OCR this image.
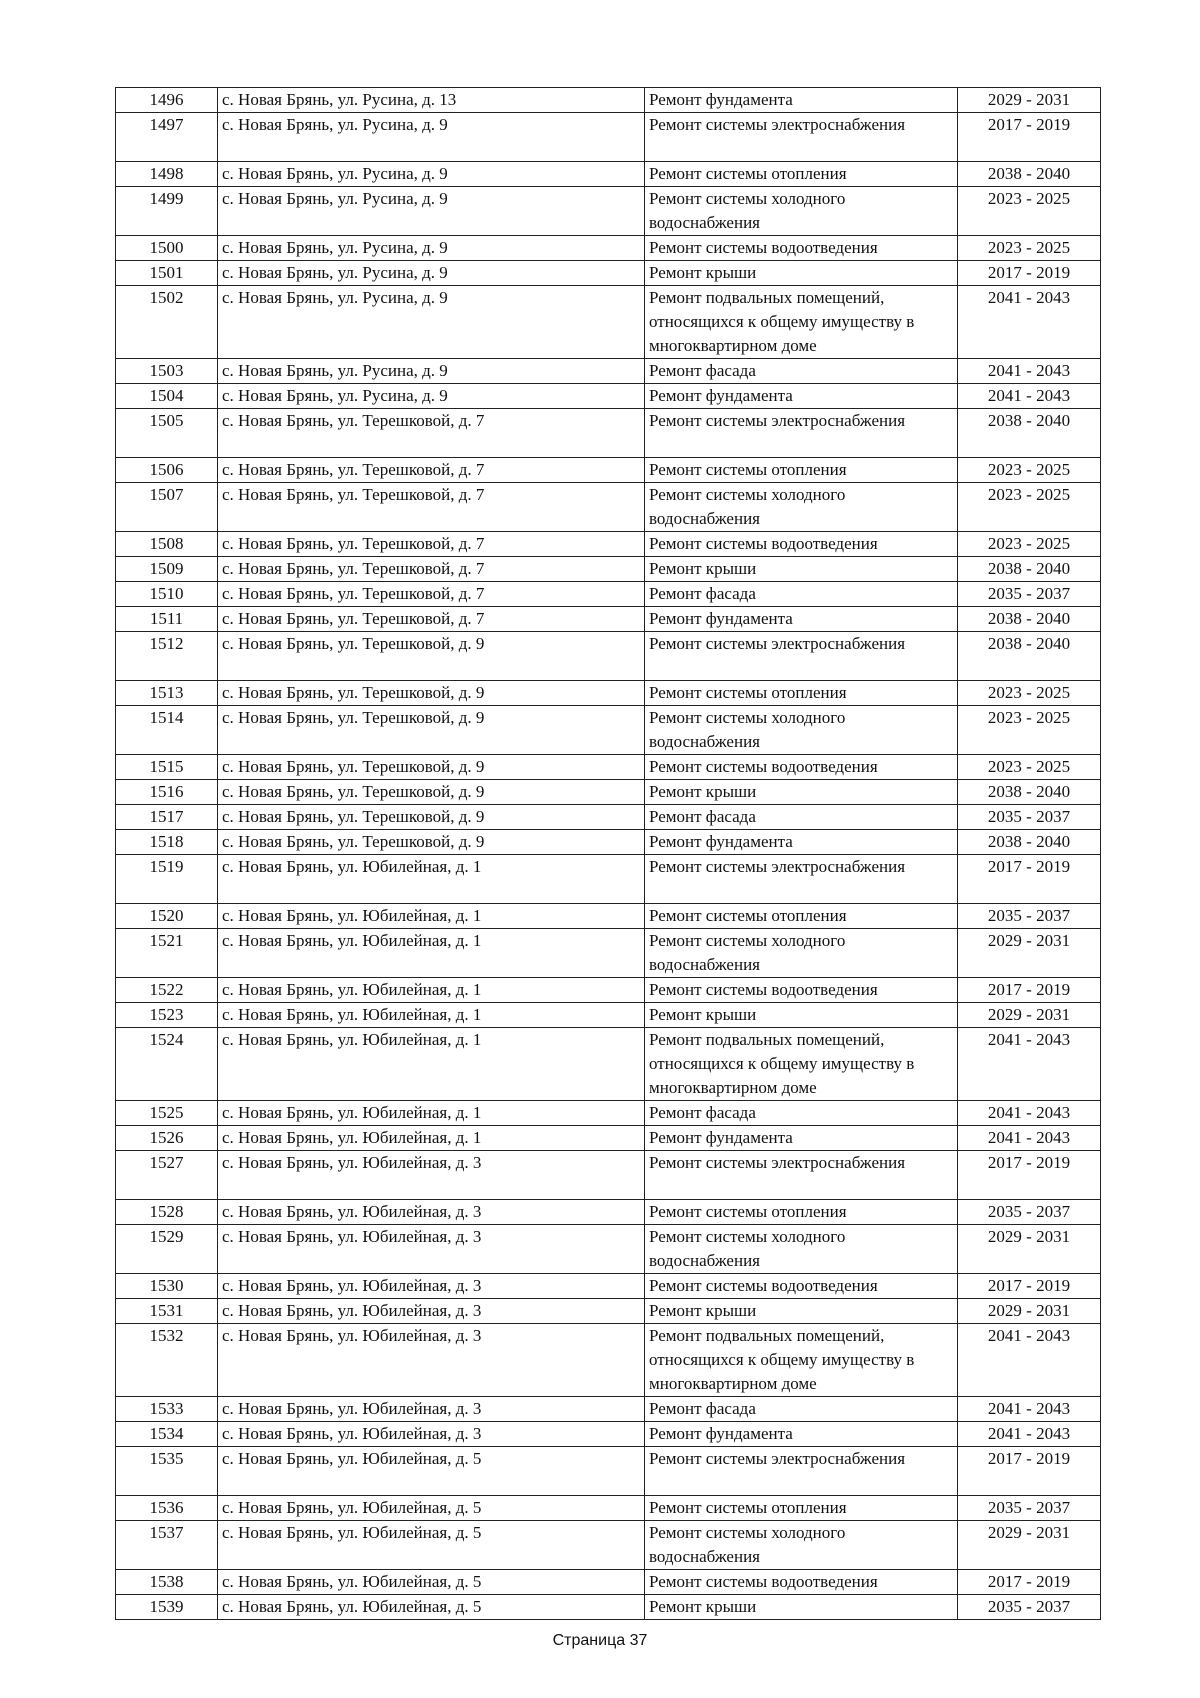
1496	с. Новая Брянь, ул. Русина, д. 13	Ремонт фундамента	2029 - 2031
1497	с. Новая Брянь, ул. Русина, д. 9	Ремонт системы электроснабжения	2017 - 2019
1498	с. Новая Брянь, ул. Русина, д. 9	Ремонт системы отопления	2038 - 2040
1499	с. Новая Брянь, ул. Русина, д. 9	Ремонт системы холодного водоснабжения	2023 - 2025
1500	с. Новая Брянь, ул. Русина, д. 9	Ремонт системы водоотведения	2023 - 2025
1501	с. Новая Брянь, ул. Русина, д. 9	Ремонт крыши	2017 - 2019
1502	с. Новая Брянь, ул. Русина, д. 9	Ремонт подвальных помещений, относящихся к общему имуществу в многоквартирном доме	2041 - 2043
1503	с. Новая Брянь, ул. Русина, д. 9	Ремонт фасада	2041 - 2043
1504	с. Новая Брянь, ул. Русина, д. 9	Ремонт фундамента	2041 - 2043
1505	с. Новая Брянь, ул. Терешковой, д. 7	Ремонт системы электроснабжения	2038 - 2040
1506	с. Новая Брянь, ул. Терешковой, д. 7	Ремонт системы отопления	2023 - 2025
1507	с. Новая Брянь, ул. Терешковой, д. 7	Ремонт системы холодного водоснабжения	2023 - 2025
1508	с. Новая Брянь, ул. Терешковой, д. 7	Ремонт системы водоотведения	2023 - 2025
1509	с. Новая Брянь, ул. Терешковой, д. 7	Ремонт крыши	2038 - 2040
1510	с. Новая Брянь, ул. Терешковой, д. 7	Ремонт фасада	2035 - 2037
1511	с. Новая Брянь, ул. Терешковой, д. 7	Ремонт фундамента	2038 - 2040
1512	с. Новая Брянь, ул. Терешковой, д. 9	Ремонт системы электроснабжения	2038 - 2040
1513	с. Новая Брянь, ул. Терешковой, д. 9	Ремонт системы отопления	2023 - 2025
1514	с. Новая Брянь, ул. Терешковой, д. 9	Ремонт системы холодного водоснабжения	2023 - 2025
1515	с. Новая Брянь, ул. Терешковой, д. 9	Ремонт системы водоотведения	2023 - 2025
1516	с. Новая Брянь, ул. Терешковой, д. 9	Ремонт крыши	2038 - 2040
1517	с. Новая Брянь, ул. Терешковой, д. 9	Ремонт фасада	2035 - 2037
1518	с. Новая Брянь, ул. Терешковой, д. 9	Ремонт фундамента	2038 - 2040
1519	с. Новая Брянь, ул. Юбилейная, д. 1	Ремонт системы электроснабжения	2017 - 2019
1520	с. Новая Брянь, ул. Юбилейная, д. 1	Ремонт системы отопления	2035 - 2037
1521	с. Новая Брянь, ул. Юбилейная, д. 1	Ремонт системы холодного водоснабжения	2029 - 2031
1522	с. Новая Брянь, ул. Юбилейная, д. 1	Ремонт системы водоотведения	2017 - 2019
1523	с. Новая Брянь, ул. Юбилейная, д. 1	Ремонт крыши	2029 - 2031
1524	с. Новая Брянь, ул. Юбилейная, д. 1	Ремонт подвальных помещений, относящихся к общему имуществу в многоквартирном доме	2041 - 2043
1525	с. Новая Брянь, ул. Юбилейная, д. 1	Ремонт фасада	2041 - 2043
1526	с. Новая Брянь, ул. Юбилейная, д. 1	Ремонт фундамента	2041 - 2043
1527	с. Новая Брянь, ул. Юбилейная, д. 3	Ремонт системы электроснабжения	2017 - 2019
1528	с. Новая Брянь, ул. Юбилейная, д. 3	Ремонт системы отопления	2035 - 2037
1529	с. Новая Брянь, ул. Юбилейная, д. 3	Ремонт системы холодного водоснабжения	2029 - 2031
1530	с. Новая Брянь, ул. Юбилейная, д. 3	Ремонт системы водоотведения	2017 - 2019
1531	с. Новая Брянь, ул. Юбилейная, д. 3	Ремонт крыши	2029 - 2031
1532	с. Новая Брянь, ул. Юбилейная, д. 3	Ремонт подвальных помещений, относящихся к общему имуществу в многоквартирном доме	2041 - 2043
1533	с. Новая Брянь, ул. Юбилейная, д. 3	Ремонт фасада	2041 - 2043
1534	с. Новая Брянь, ул. Юбилейная, д. 3	Ремонт фундамента	2041 - 2043
1535	с. Новая Брянь, ул. Юбилейная, д. 5	Ремонт системы электроснабжения	2017 - 2019
1536	с. Новая Брянь, ул. Юбилейная, д. 5	Ремонт системы отопления	2035 - 2037
1537	с. Новая Брянь, ул. Юбилейная, д. 5	Ремонт системы холодного водоснабжения	2029 - 2031
1538	с. Новая Брянь, ул. Юбилейная, д. 5	Ремонт системы водоотведения	2017 - 2019
1539	с. Новая Брянь, ул. Юбилейная, д. 5	Ремонт крыши	2035 - 2037
Страница 37
